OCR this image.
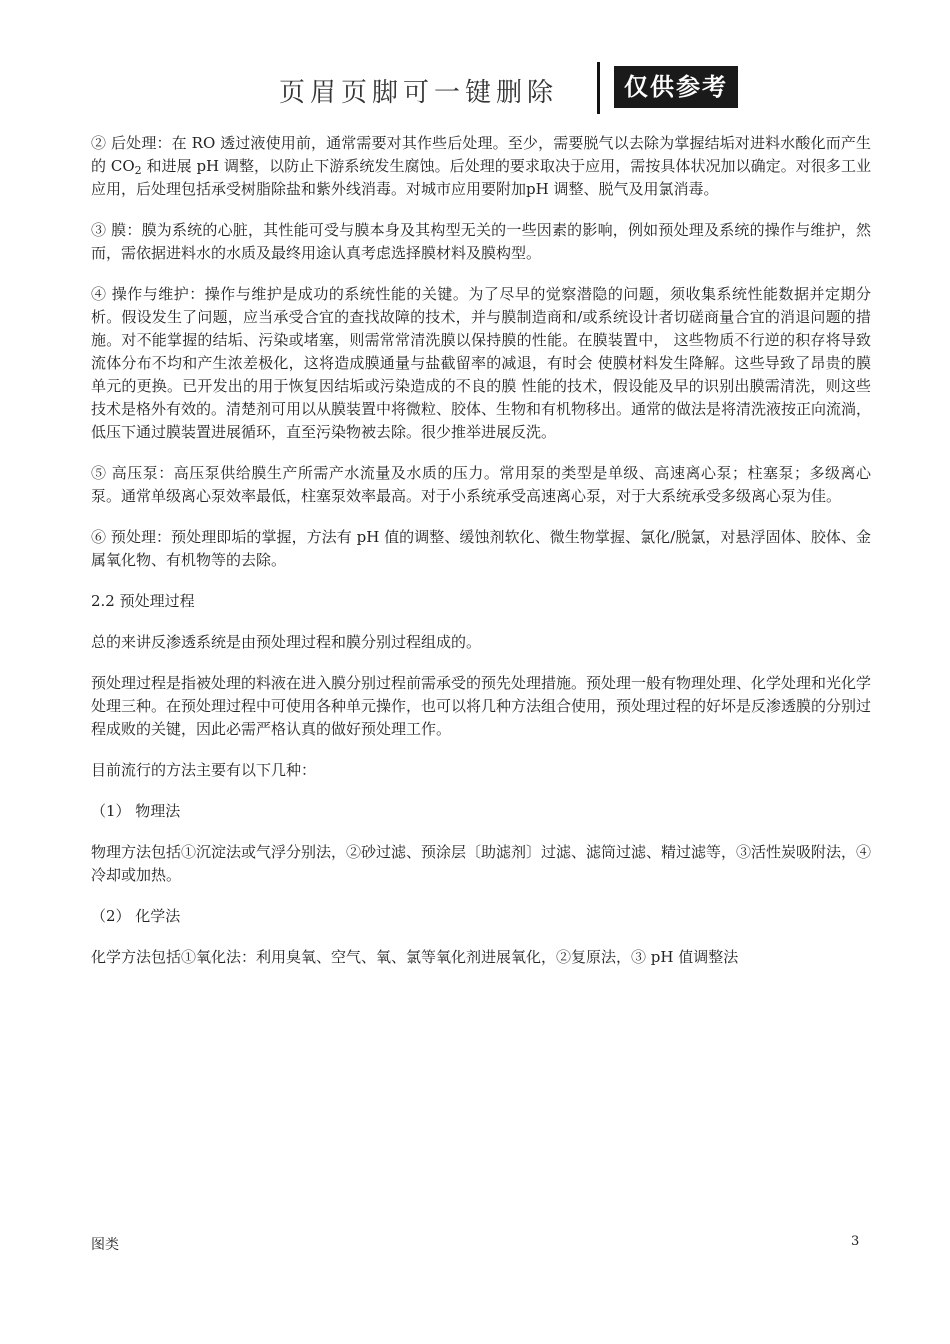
页眉页脚可一键删除	仅供参考

② 后处理：在 RO 透过液使用前，通常需要对其作些后处理。至少，需要脱气以去除为掌握结垢对进料水酸化而产生的 $CO_2$ 和进展 pH 调整，以防止下游系统发生腐蚀。后处理的要求取决于应用，需按具体状况加以确定。对很多工业应用，后处理包括承受树脂除盐和紫外线消毒。对城市应用要附加pH 调整、脱气及用氯消毒。

③ 膜：膜为系统的心脏，其性能可受与膜本身及其构型无关的一些因素的影响，例如预处理及系统的操作与维护，然而，需依据进料水的水质及最终用途认真考虑选择膜材料及膜构型。

④ 操作与维护：操作与维护是成功的系统性能的关键。为了尽早的觉察潜隐的问题，须收集系统性能数据并定期分析。假设发生了问题，应当承受合宜的查找故障的技术，并与膜制造商和/或系统设计者切磋商量合宜的消退问题的措施。对不能掌握的结垢、污染或堵塞，则需常常清洗膜以保持膜的性能。在膜装置中， 这些物质不行逆的积存将导致流体分布不均和产生浓差极化，这将造成膜通量与盐截留率的减退，有时会 使膜材料发生降解。这些导致了昂贵的膜单元的更换。已开发出的用于恢复因结垢或污染造成的不良的膜 性能的技术，假设能及早的识别出膜需清洗，则这些技术是格外有效的。清楚剂可用以从膜装置中将微粒、胶体、生物和有机物移出。通常的做法是将清洗液按正向流淌，低压下通过膜装置进展循环，直至污染物被去除。很少推举进展反洗。

⑤ 高压泵：高压泵供给膜生产所需产水流量及水质的压力。常用泵的类型是单级、高速离心泵；柱塞泵；多级离心泵。通常单级离心泵效率最低，柱塞泵效率最高。对于小系统承受高速离心泵，对于大系统承受多级离心泵为佳。

⑥ 预处理：预处理即垢的掌握，方法有 pH 值的调整、缓蚀剂软化、微生物掌握、氯化/脱氯，对悬浮固体、胶体、金属氧化物、有机物等的去除。

2.2 预处理过程

总的来讲反渗透系统是由预处理过程和膜分别过程组成的。

预处理过程是指被处理的料液在进入膜分别过程前需承受的预先处理措施。预处理一般有物理处理、化学处理和光化学处理三种。在预处理过程中可使用各种单元操作，也可以将几种方法组合使用，预处理过程的好坏是反渗透膜的分别过程成败的关键，因此必需严格认真的做好预处理工作。

目前流行的方法主要有以下几种：

（1） 物理法

物理方法包括①沉淀法或气浮分别法，②砂过滤、预涂层〔助滤剂〕过滤、滤筒过滤、精过滤等，③活性炭吸附法，④冷却或加热。

（2） 化学法

化学方法包括①氧化法：利用臭氧、空气、氧、氯等氧化剂进展氧化，②复原法，③ pH 值调整法

图类	3
